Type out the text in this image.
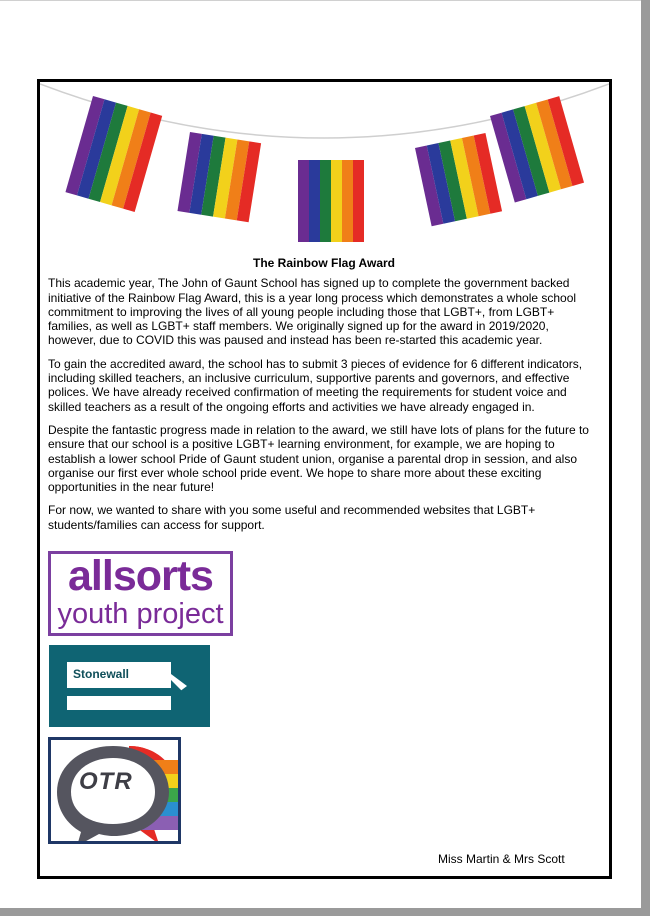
The Rainbow Flag Award

This academic year, The John of Gaunt School has signed up to complete the government backed initiative of the Rainbow Flag Award, this is a year long process which demonstrates a whole school commitment to improving the lives of all young people including those that LGBT+, from LGBT+ families, as well as LGBT+ staff members. We originally signed up for the award in 2019/2020, however, due to COVID this was paused and instead has been re-started this academic year.

To gain the accredited award, the school has to submit 3 pieces of evidence for 6 different indicators, including skilled teachers, an inclusive curriculum, supportive parents and governors, and effective polices. We have already received confirmation of meeting the requirements for student voice and skilled teachers as a result of the ongoing efforts and activities we have already engaged in.

Despite the fantastic progress made in relation to the award, we still have lots of plans for the future to ensure that our school is a positive LGBT+ learning environment, for example, we are hoping to establish a lower school Pride of Gaunt student union, organise a parental drop in session, and also organise our first ever whole school pride event. We hope to share more about these exciting opportunities in the near future!

For now, we wanted to share with you some useful and recommended websites that LGBT+ students/families can access for support.

allsorts
youth project
Stonewall
OTR
Miss Martin & Mrs Scott
